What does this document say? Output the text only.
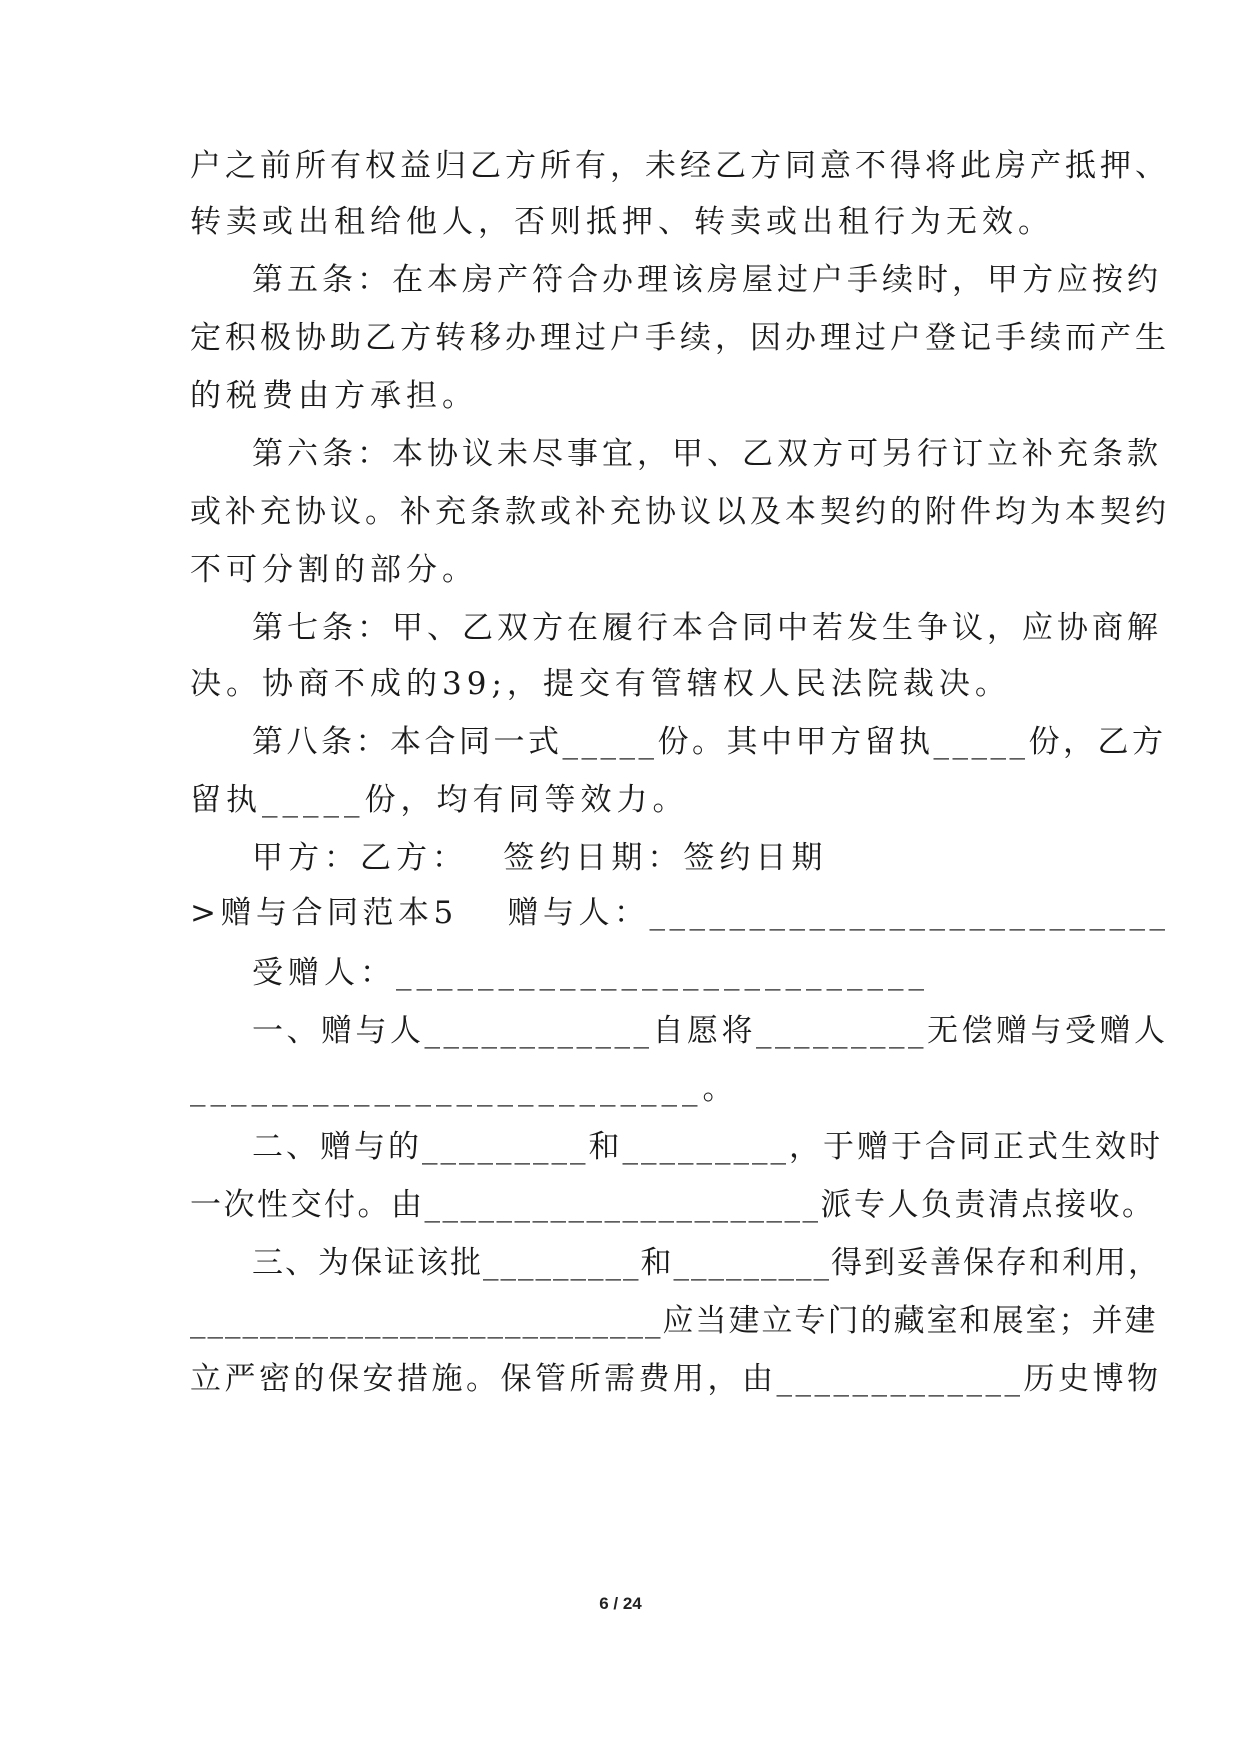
户之前所有权益归乙方所有，未经乙方同意不得将此房产抵押、
转卖或出租给他人，否则抵押、转卖或出租行为无效。
第五条：在本房产符合办理该房屋过户手续时，甲方应按约
定积极协助乙方转移办理过户手续，因办理过户登记手续而产生
的税费由方承担。
第六条：本协议未尽事宜，甲、乙双方可另行订立补充条款
或补充协议。补充条款或补充协议以及本契约的附件均为本契约
不可分割的部分。
第七条：甲、乙双方在履行本合同中若发生争议，应协商解
决。协商不成的39;，提交有管辖权人民法院裁决。
第八条：本合同一式_____份。其中甲方留执_____份，乙方
留执_____份，均有同等效力。
甲方：乙方：　 签约日期：签约日期
>赠与合同范本5　 赠与人：__________________________
受赠人：__________________________
一、赠与人____________自愿将_________无偿赠与受赠人
_________________________。
二、赠与的_________和_________，于赠于合同正式生效时
一次性交付。由______________________派专人负责清点接收。
三、为保证该批_________和_________得到妥善保存和利用，
___________________________应当建立专门的藏室和展室；并建
立严密的保安措施。保管所需费用，由_____________历史博物
6 / 24
